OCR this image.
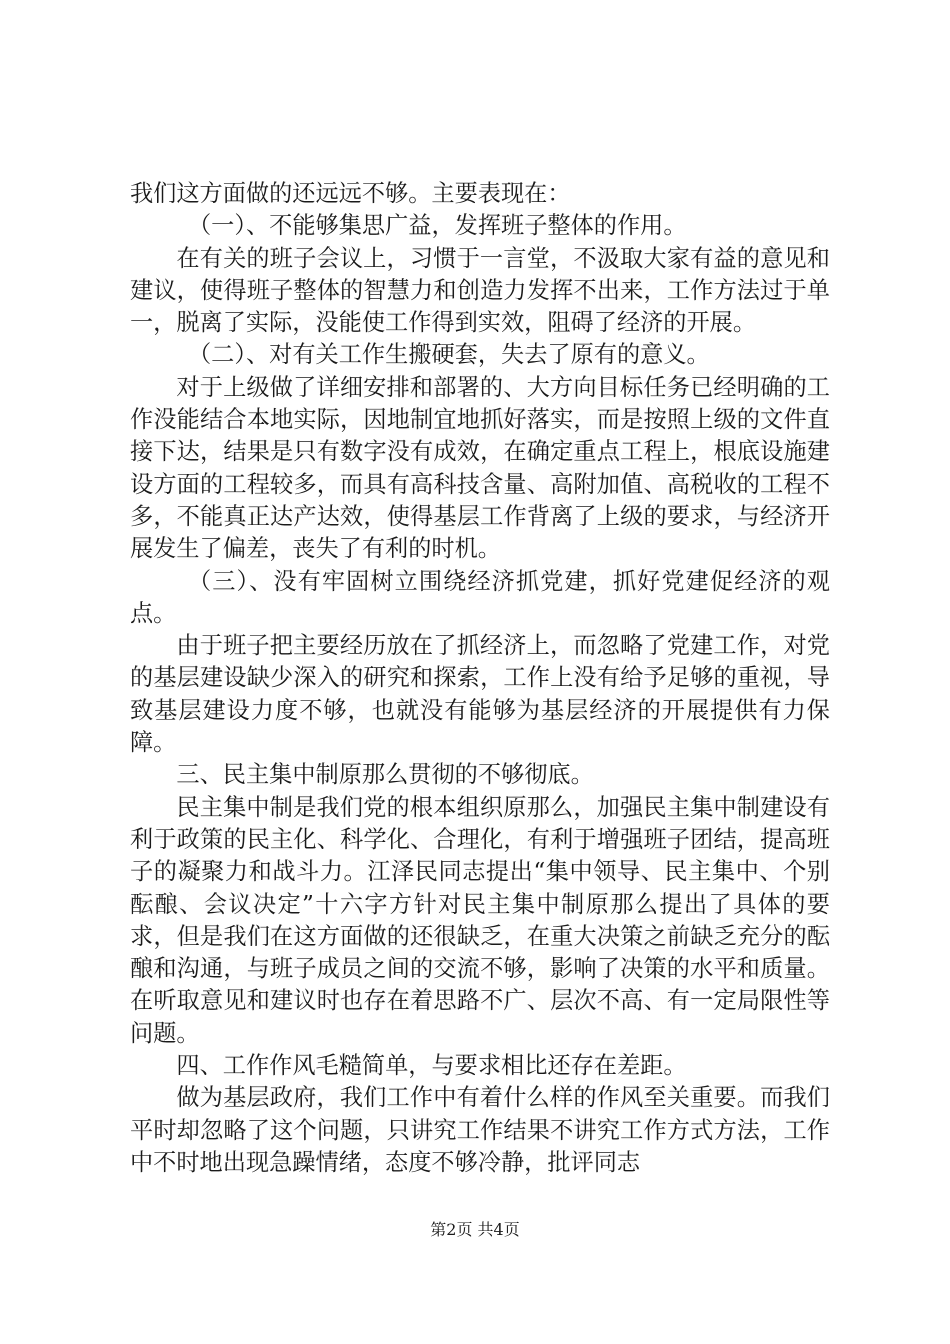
我们这方面做的还远远不够。主要表现在：

（一）、不能够集思广益，发挥班子整体的作用。

在有关的班子会议上，习惯于一言堂，不汲取大家有益的意见和建议，使得班子整体的智慧力和创造力发挥不出来，工作方法过于单一，脱离了实际，没能使工作得到实效，阻碍了经济的开展。

（二）、对有关工作生搬硬套，失去了原有的意义。

对于上级做了详细安排和部署的、大方向目标任务已经明确的工作没能结合本地实际，因地制宜地抓好落实，而是按照上级的文件直接下达，结果是只有数字没有成效，在确定重点工程上，根底设施建设方面的工程较多，而具有高科技含量、高附加值、高税收的工程不多，不能真正达产达效，使得基层工作背离了上级的要求，与经济开展发生了偏差，丧失了有利的时机。

（三）、没有牢固树立围绕经济抓党建，抓好党建促经济的观点。

由于班子把主要经历放在了抓经济上，而忽略了党建工作，对党的基层建设缺少深入的研究和探索，工作上没有给予足够的重视，导致基层建设力度不够，也就没有能够为基层经济的开展提供有力保障。

三、民主集中制原那么贯彻的不够彻底。

民主集中制是我们党的根本组织原那么，加强民主集中制建设有利于政策的民主化、科学化、合理化，有利于增强班子团结，提高班子的凝聚力和战斗力。江泽民同志提出“集中领导、民主集中、个别酝酿、会议决定”十六字方针对民主集中制原那么提出了具体的要求，但是我们在这方面做的还很缺乏，在重大决策之前缺乏充分的酝酿和沟通，与班子成员之间的交流不够，影响了决策的水平和质量。在听取意见和建议时也存在着思路不广、层次不高、有一定局限性等问题。

四、工作作风毛糙简单，与要求相比还存在差距。

做为基层政府，我们工作中有着什么样的作风至关重要。而我们平时却忽略了这个问题，只讲究工作结果不讲究工作方式方法，工作中不时地出现急躁情绪，态度不够冷静，批评同志

第2页 共4页
